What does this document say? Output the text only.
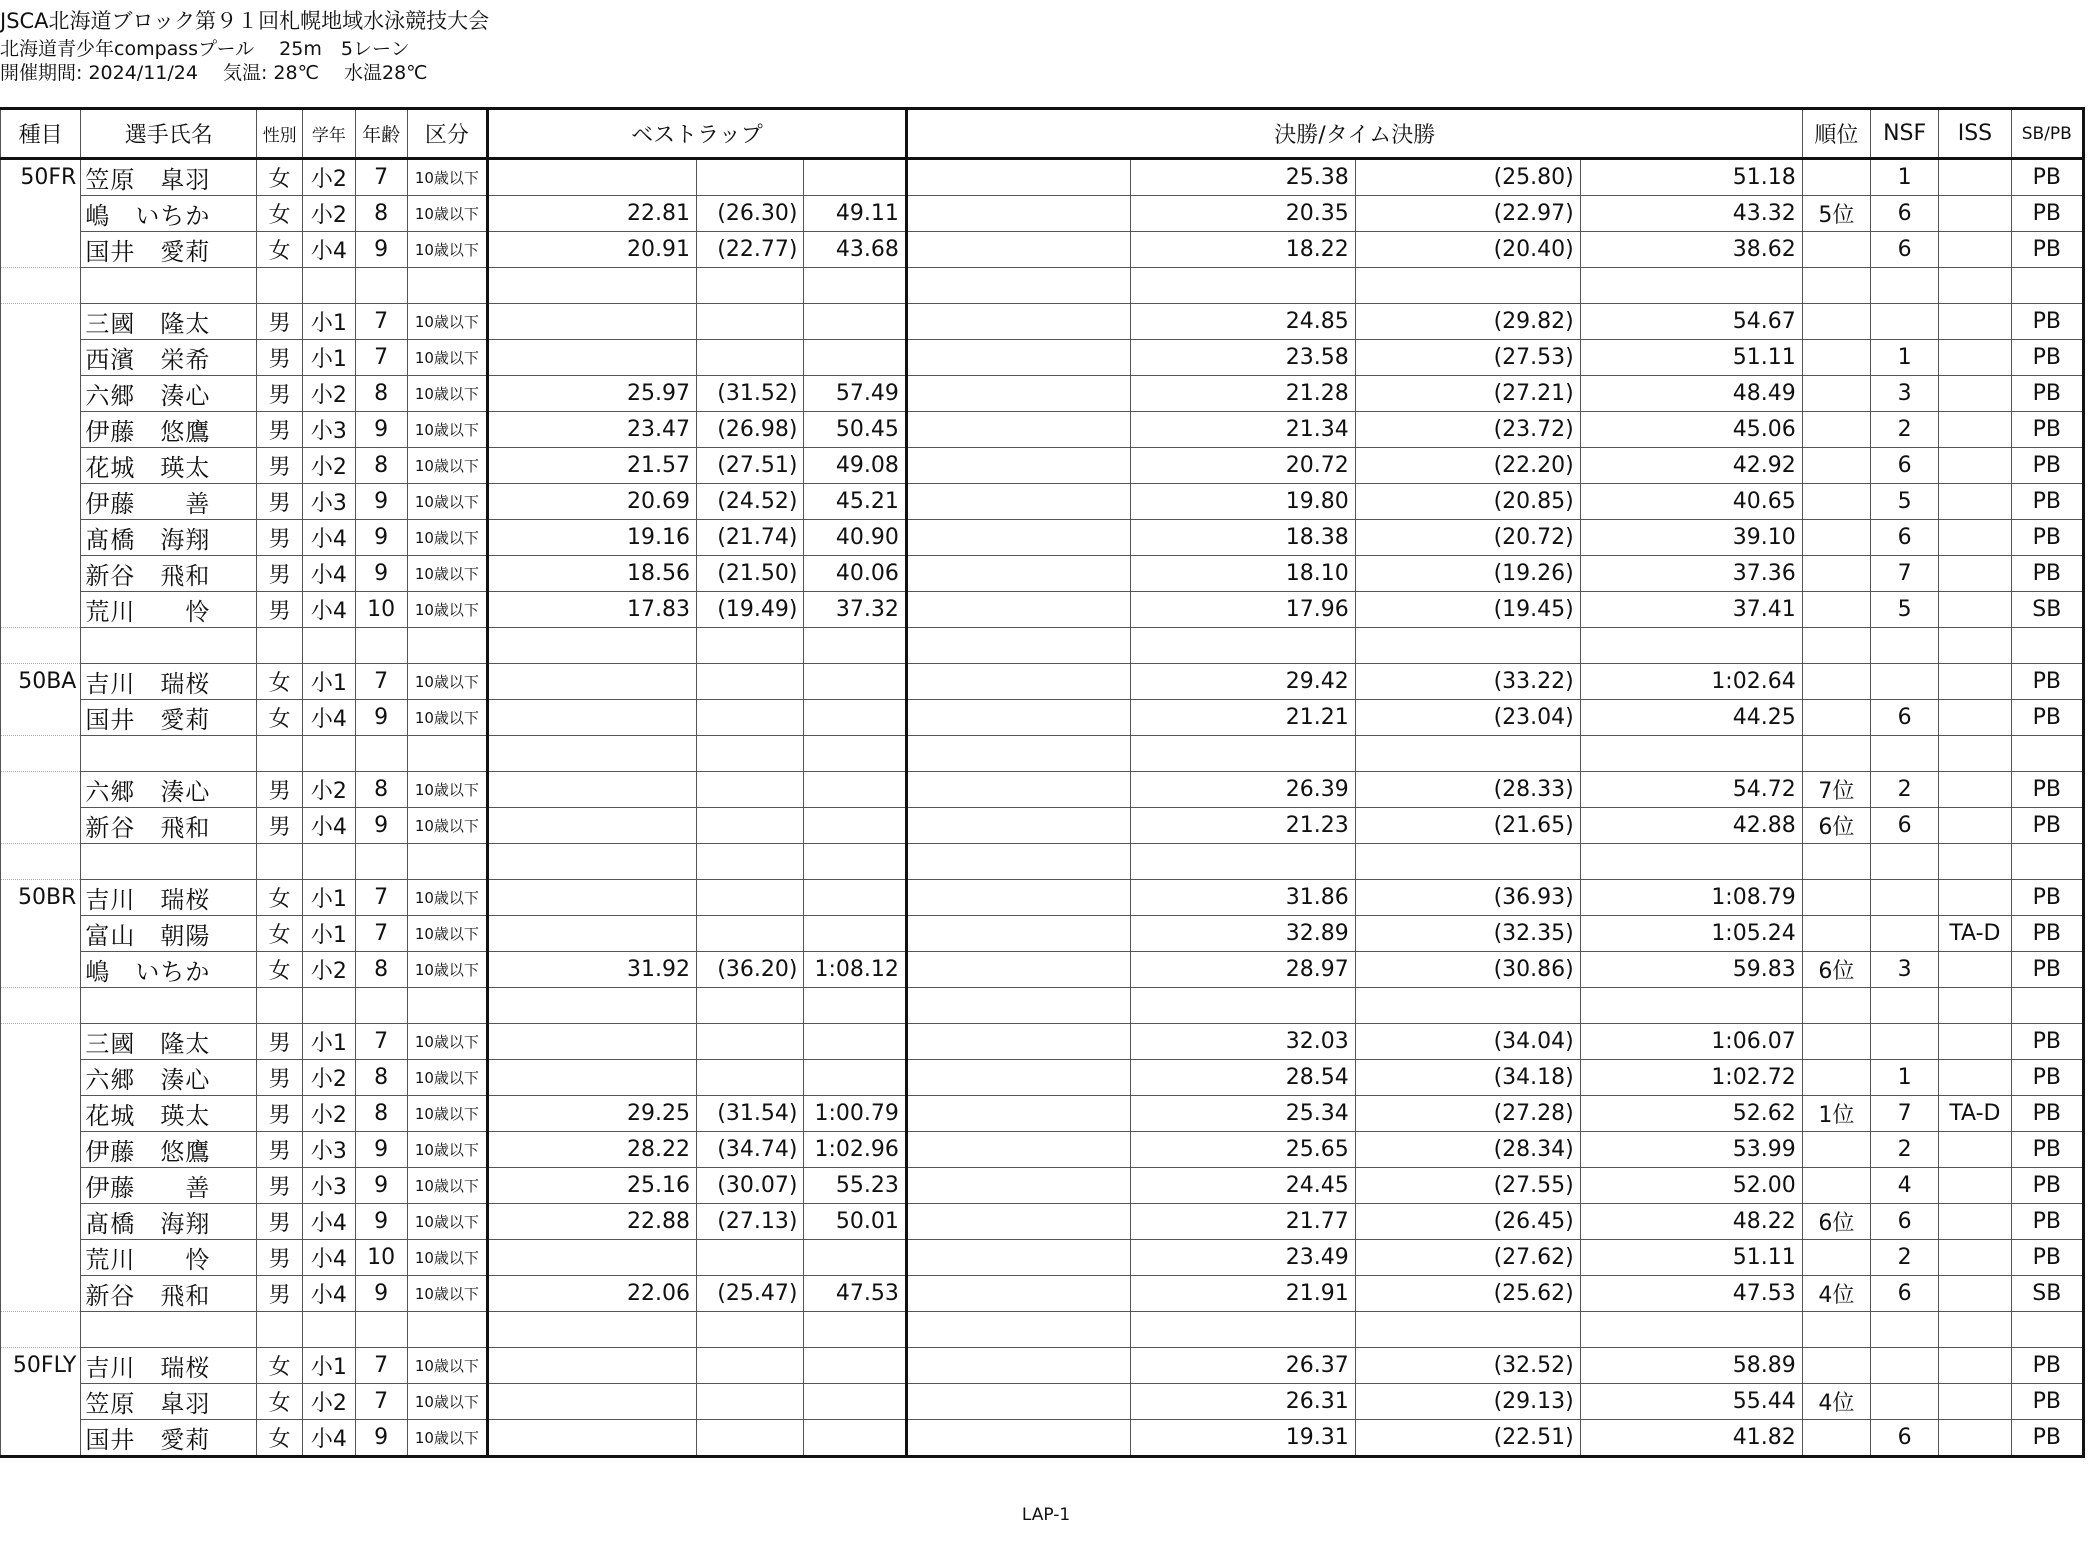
JSCA北海道ブロック第９１回札幌地域水泳競技大会
北海道青少年compassプール　 25m　5レーン
開催期間: 2024/11/24　 気温: 28℃　 水温28℃
種目	選手氏名	性別	学年	年齢	区分	ベストラップ			決勝/タイム決勝				順位	NSF	ISS	SB/PB
50FR	笠原　皐羽	女	小2	7	10歳以下					25.38	(25.80)	51.18		1		PB
	嶋　いちか	女	小2	8	10歳以下	22.81	(26.30)	49.11		20.35	(22.97)	43.32	5位	6		PB
	国井　愛莉	女	小4	9	10歳以下	20.91	(22.77)	43.68		18.22	(20.40)	38.62		6		PB

	三國　隆太	男	小1	7	10歳以下					24.85	(29.82)	54.67				PB
	西濱　栄希	男	小1	7	10歳以下					23.58	(27.53)	51.11		1		PB
	六郷　湊心	男	小2	8	10歳以下	25.97	(31.52)	57.49		21.28	(27.21)	48.49		3		PB
	伊藤　悠鷹	男	小3	9	10歳以下	23.47	(26.98)	50.45		21.34	(23.72)	45.06		2		PB
	花城　瑛太	男	小2	8	10歳以下	21.57	(27.51)	49.08		20.72	(22.20)	42.92		6		PB
	伊藤　　善	男	小3	9	10歳以下	20.69	(24.52)	45.21		19.80	(20.85)	40.65		5		PB
	髙橋　海翔	男	小4	9	10歳以下	19.16	(21.74)	40.90		18.38	(20.72)	39.10		6		PB
	新谷　飛和	男	小4	9	10歳以下	18.56	(21.50)	40.06		18.10	(19.26)	37.36		7		PB
	荒川　　怜	男	小4	10	10歳以下	17.83	(19.49)	37.32		17.96	(19.45)	37.41		5		SB

50BA	吉川　瑞桜	女	小1	7	10歳以下					29.42	(33.22)	1:02.64				PB
	国井　愛莉	女	小4	9	10歳以下					21.21	(23.04)	44.25		6		PB

	六郷　湊心	男	小2	8	10歳以下					26.39	(28.33)	54.72	7位	2		PB
	新谷　飛和	男	小4	9	10歳以下					21.23	(21.65)	42.88	6位	6		PB

50BR	吉川　瑞桜	女	小1	7	10歳以下					31.86	(36.93)	1:08.79				PB
	富山　朝陽	女	小1	7	10歳以下					32.89	(32.35)	1:05.24			TA-D	PB
	嶋　いちか	女	小2	8	10歳以下	31.92	(36.20)	1:08.12		28.97	(30.86)	59.83	6位	3		PB

	三國　隆太	男	小1	7	10歳以下					32.03	(34.04)	1:06.07				PB
	六郷　湊心	男	小2	8	10歳以下					28.54	(34.18)	1:02.72		1		PB
	花城　瑛太	男	小2	8	10歳以下	29.25	(31.54)	1:00.79		25.34	(27.28)	52.62	1位	7	TA-D	PB
	伊藤　悠鷹	男	小3	9	10歳以下	28.22	(34.74)	1:02.96		25.65	(28.34)	53.99		2		PB
	伊藤　　善	男	小3	9	10歳以下	25.16	(30.07)	55.23		24.45	(27.55)	52.00		4		PB
	髙橋　海翔	男	小4	9	10歳以下	22.88	(27.13)	50.01		21.77	(26.45)	48.22	6位	6		PB
	荒川　　怜	男	小4	10	10歳以下					23.49	(27.62)	51.11		2		PB
	新谷　飛和	男	小4	9	10歳以下	22.06	(25.47)	47.53		21.91	(25.62)	47.53	4位	6		SB

50FLY	吉川　瑞桜	女	小1	7	10歳以下					26.37	(32.52)	58.89				PB
	笠原　皐羽	女	小2	7	10歳以下					26.31	(29.13)	55.44	4位			PB
	国井　愛莉	女	小4	9	10歳以下					19.31	(22.51)	41.82		6		PB
LAP-1
